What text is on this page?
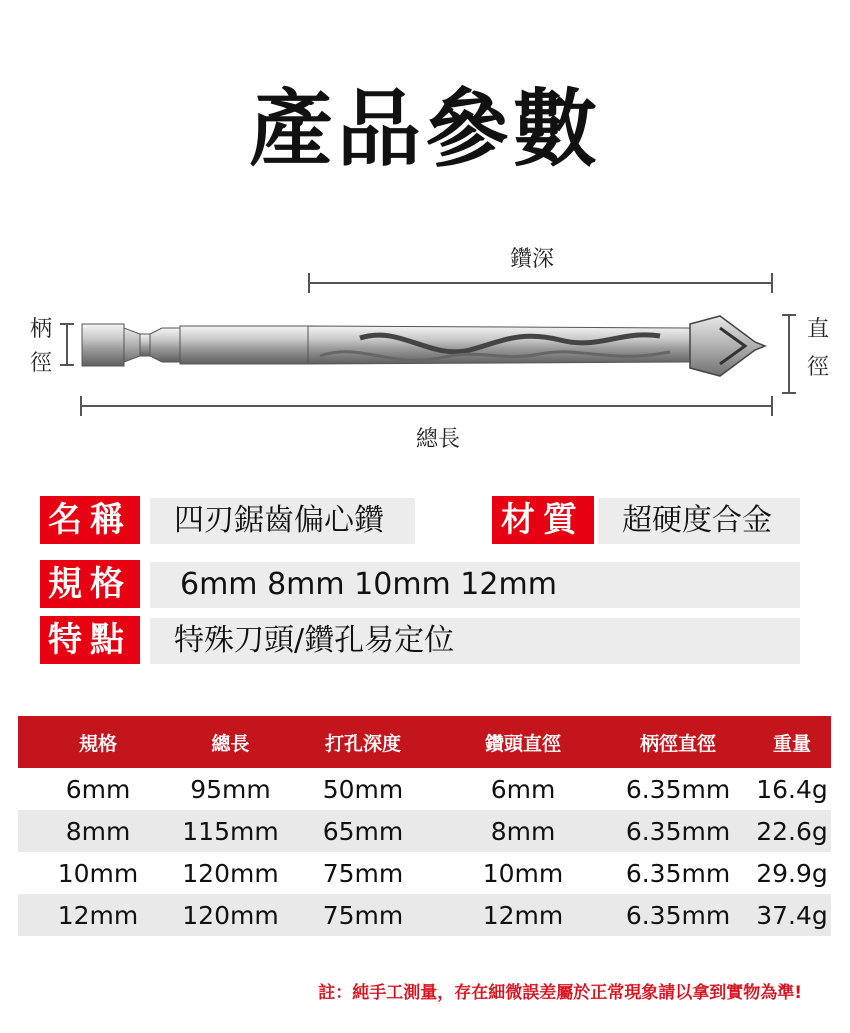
產品參數
鑽深
柄
徑
直
徑
總長
名稱	四刃鋸齒偏心鑽	材質	超硬度合金
規格	6mm 8mm 10mm 12mm
特點	特殊刀頭/鑽孔易定位
規格	總長	打孔深度	鑽頭直徑	柄徑直徑	重量
6mm	95mm	50mm	6mm	6.35mm	16.4g
8mm	115mm	65mm	8mm	6.35mm	22.6g
10mm	120mm	75mm	10mm	6.35mm	29.9g
12mm	120mm	75mm	12mm	6.35mm	37.4g
註：純手工測量，存在細微誤差屬於正常現象請以拿到實物為準!
